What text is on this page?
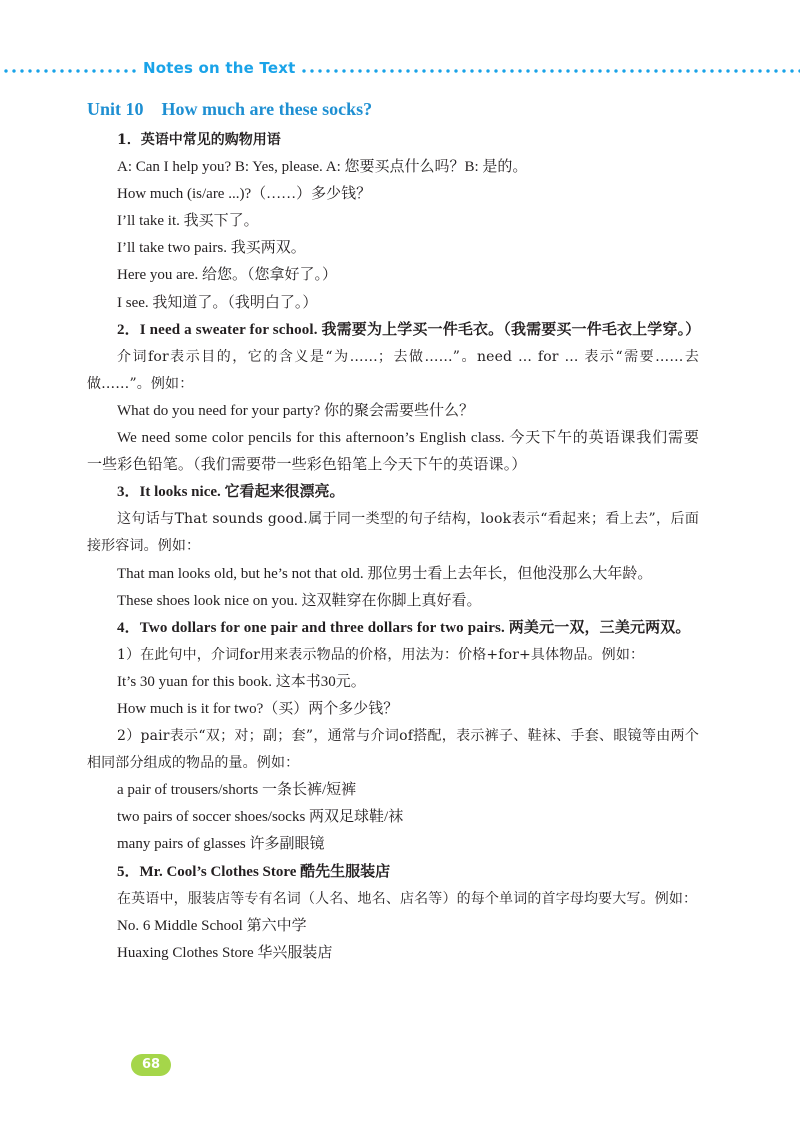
Notes on the Text
Unit 10 How much are these socks?

1．英语中常见的购物用语

A: Can I help you? B: Yes, please. A: 您要买点什么吗？B: 是的。

How much (is/are ...)?（……）多少钱？

I’ll take it. 我买下了。

I’ll take two pairs. 我买两双。

Here you are. 给您。（您拿好了。）

I see. 我知道了。（我明白了。）

2．I need a sweater for school. 我需要为上学买一件毛衣。（我需要买一件毛衣上学穿。）

介词for表示目的，它的含义是“为……；去做……”。need ... for ... 表示“需要……去做……”。例如：

What do you need for your party? 你的聚会需要些什么？

We need some color pencils for this afternoon’s English class. 今天下午的英语课我们需要一些彩色铅笔。（我们需要带一些彩色铅笔上今天下午的英语课。）

3．It looks nice. 它看起来很漂亮。

这句话与That sounds good.属于同一类型的句子结构，look表示“看起来；看上去”，后面接形容词。例如：

That man looks old, but he’s not that old. 那位男士看上去年长，但他没那么大年龄。

These shoes look nice on you. 这双鞋穿在你脚上真好看。

4．Two dollars for one pair and three dollars for two pairs. 两美元一双，三美元两双。

1）在此句中，介词for用来表示物品的价格，用法为：价格+for+具体物品。例如：

It’s 30 yuan for this book. 这本书30元。

How much is it for two?（买）两个多少钱？

2）pair表示“双；对；副；套”，通常与介词of搭配，表示裤子、鞋袜、手套、眼镜等由两个相同部分组成的物品的量。例如：

a pair of trousers/shorts 一条长裤/短裤

two pairs of soccer shoes/socks 两双足球鞋/袜

many pairs of glasses 许多副眼镜

5．Mr. Cool’s Clothes Store 酷先生服装店

在英语中，服装店等专有名词（人名、地名、店名等）的每个单词的首字母均要大写。例如：

No. 6 Middle School 第六中学

Huaxing Clothes Store 华兴服装店

68
